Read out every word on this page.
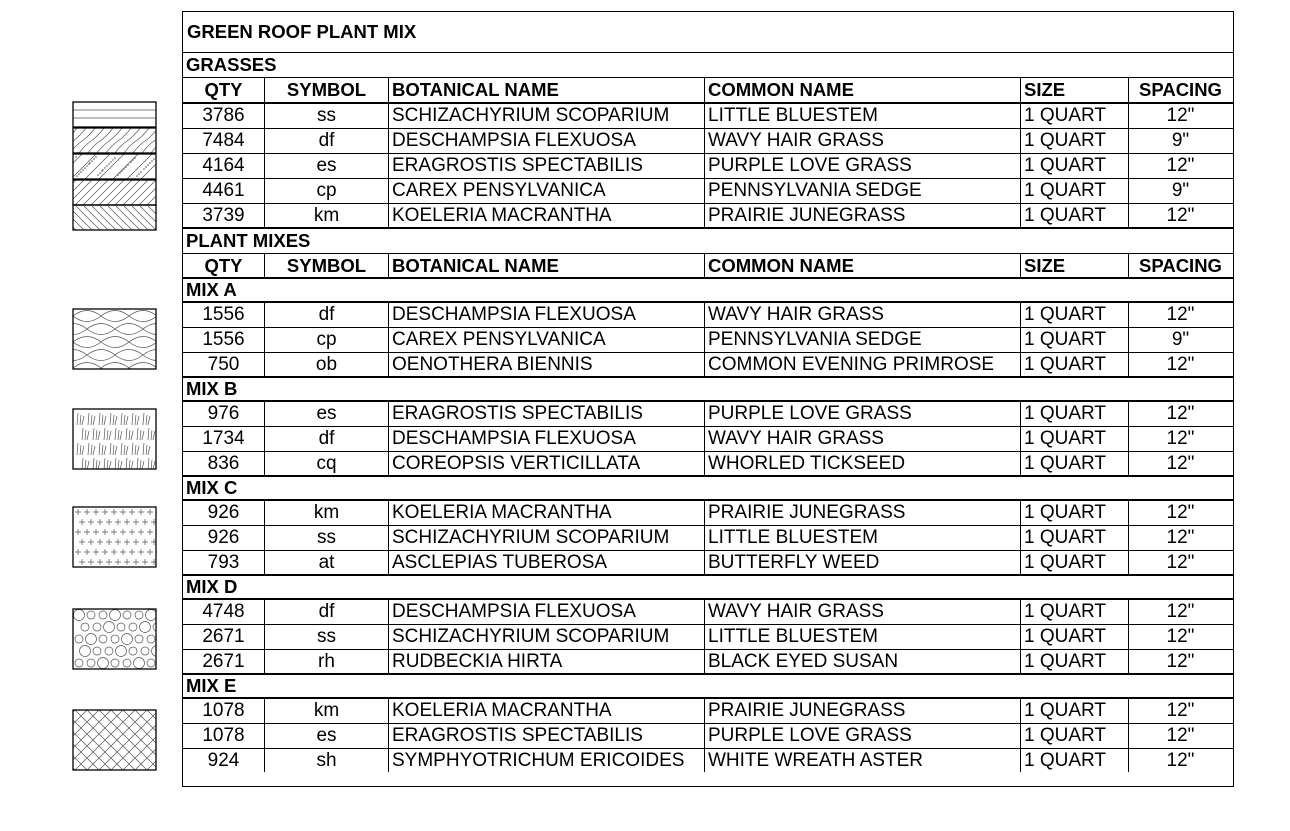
GREEN ROOF PLANT MIX
GRASSES
QTY	SYMBOL	BOTANICAL NAME	COMMON NAME	SIZE	SPACING
3786	ss	SCHIZACHYRIUM SCOPARIUM	LITTLE BLUESTEM	1 QUART	12"
7484	df	DESCHAMPSIA FLEXUOSA	WAVY HAIR GRASS	1 QUART	9"
4164	es	ERAGROSTIS SPECTABILIS	PURPLE LOVE GRASS	1 QUART	12"
4461	cp	CAREX PENSYLVANICA	PENNSYLVANIA SEDGE	1 QUART	9"
3739	km	KOELERIA MACRANTHA	PRAIRIE JUNEGRASS	1 QUART	12"
PLANT MIXES
QTY	SYMBOL	BOTANICAL NAME	COMMON NAME	SIZE	SPACING
MIX A
1556	df	DESCHAMPSIA FLEXUOSA	WAVY HAIR GRASS	1 QUART	12"
1556	cp	CAREX PENSYLVANICA	PENNSYLVANIA SEDGE	1 QUART	9"
750	ob	OENOTHERA BIENNIS	COMMON EVENING PRIMROSE	1 QUART	12"
MIX B
976	es	ERAGROSTIS SPECTABILIS	PURPLE LOVE GRASS	1 QUART	12"
1734	df	DESCHAMPSIA FLEXUOSA	WAVY HAIR GRASS	1 QUART	12"
836	cq	COREOPSIS VERTICILLATA	WHORLED TICKSEED	1 QUART	12"
MIX C
926	km	KOELERIA MACRANTHA	PRAIRIE JUNEGRASS	1 QUART	12"
926	ss	SCHIZACHYRIUM SCOPARIUM	LITTLE BLUESTEM	1 QUART	12"
793	at	ASCLEPIAS TUBEROSA	BUTTERFLY WEED	1 QUART	12"
MIX D
4748	df	DESCHAMPSIA FLEXUOSA	WAVY HAIR GRASS	1 QUART	12"
2671	ss	SCHIZACHYRIUM SCOPARIUM	LITTLE BLUESTEM	1 QUART	12"
2671	rh	RUDBECKIA HIRTA	BLACK EYED SUSAN	1 QUART	12"
MIX E
1078	km	KOELERIA MACRANTHA	PRAIRIE JUNEGRASS	1 QUART	12"
1078	es	ERAGROSTIS SPECTABILIS	PURPLE LOVE GRASS	1 QUART	12"
924	sh	SYMPHYOTRICHUM ERICOIDES	WHITE WREATH ASTER	1 QUART	12"
